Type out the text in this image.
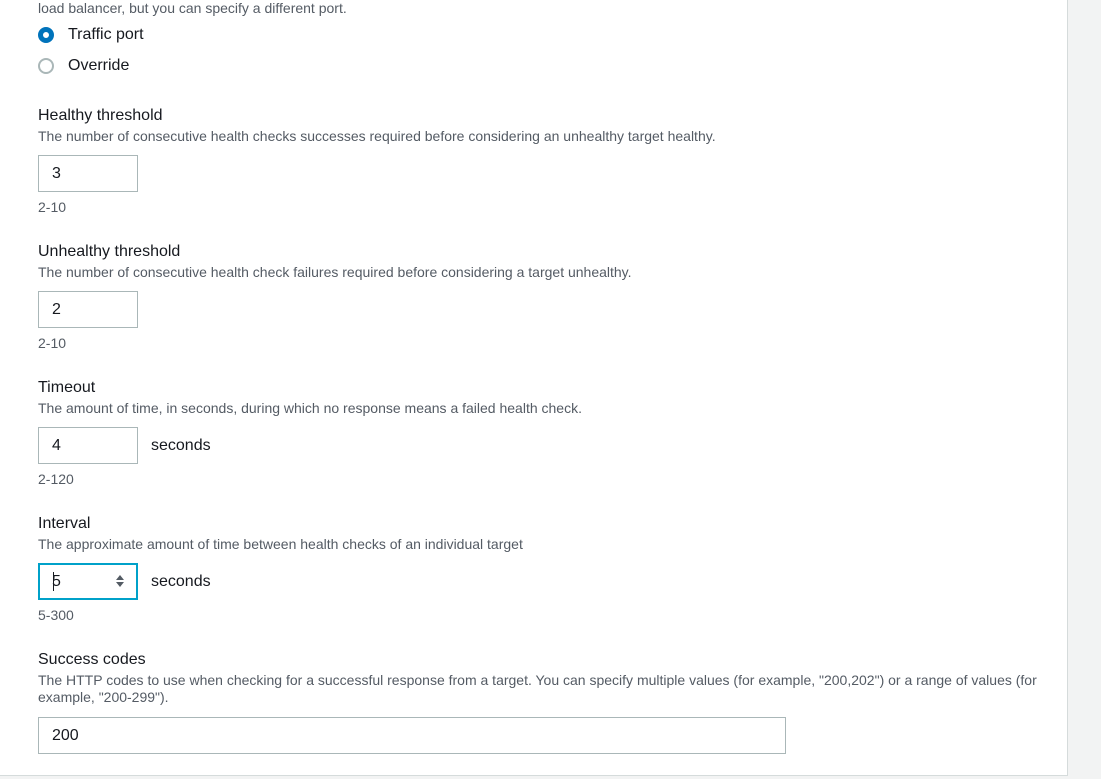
load balancer, but you can specify a different port.
Traffic port
Override
Healthy threshold
The number of consecutive health checks successes required before considering an unhealthy target healthy.
3
2-10
Unhealthy threshold
The number of consecutive health check failures required before considering a target unhealthy.
2
2-10
Timeout
The amount of time, in seconds, during which no response means a failed health check.
4
seconds
2-120
Interval
The approximate amount of time between health checks of an individual target
5
seconds
5-300
Success codes
The HTTP codes to use when checking for a successful response from a target. You can specify multiple values (for example, "200,202") or a range of values (for example, "200-299").
200
